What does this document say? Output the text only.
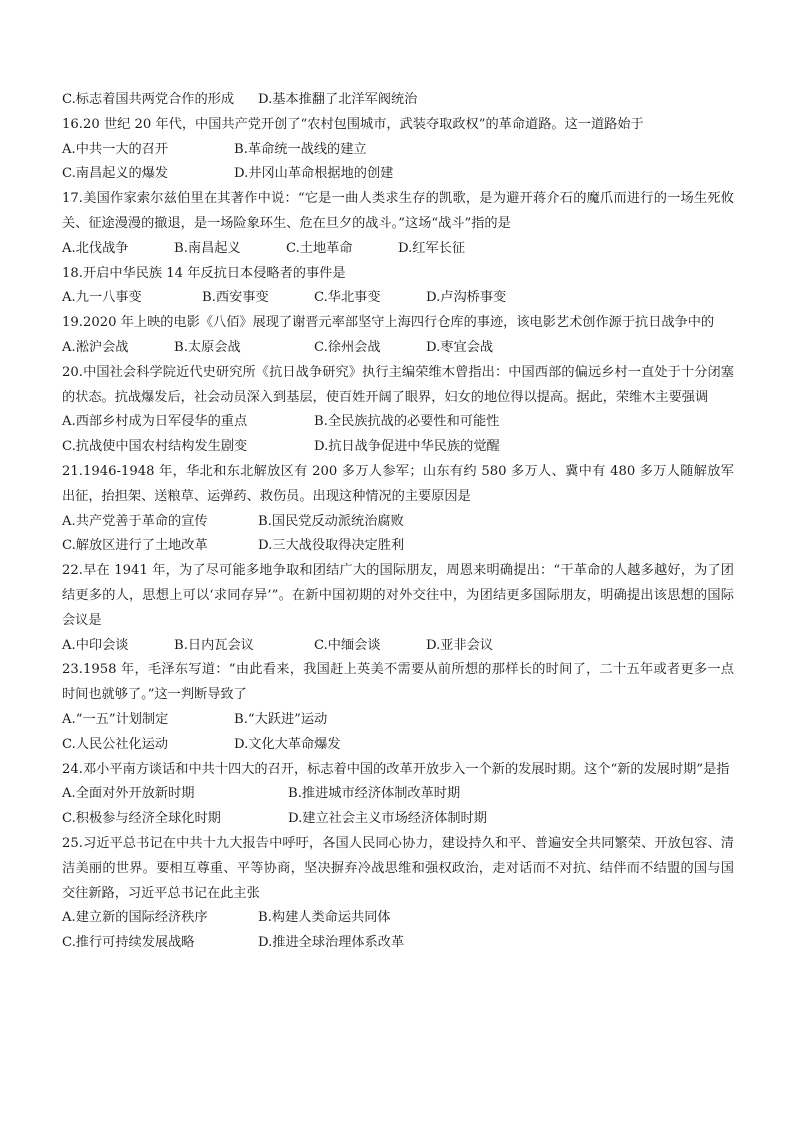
C.标志着国共两党合作的形成	D.基本推翻了北洋军阀统治
16.20 世纪 20 年代，中国共产党开创了“农村包围城市，武装夺取政权”的革命道路。这一道路始于
A.中共一大的召开	B.革命统一战线的建立
C.南昌起义的爆发	D.井冈山革命根据地的创建
17.美国作家索尔兹伯里在其著作中说：“它是一曲人类求生存的凯歌，是为避开蒋介石的魔爪而进行的一场生死攸关、征途漫漫的撤退，是一场险象环生、危在旦夕的战斗。”这场“战斗”指的是
A.北伐战争	B.南昌起义	C.土地革命	D.红军长征
18.开启中华民族 14 年反抗日本侵略者的事件是
A.九一八事变	B.西安事变	C.华北事变	D.卢沟桥事变
19.2020 年上映的电影《八佰》展现了谢晋元率部坚守上海四行仓库的事迹，该电影艺术创作源于抗日战争中的
A.淞沪会战	B.太原会战	C.徐州会战	D.枣宜会战
20.中国社会科学院近代史研究所《抗日战争研究》执行主编荣维木曾指出：中国西部的偏远乡村一直处于十分闭塞的状态。抗战爆发后，社会动员深入到基层，使百姓开阔了眼界，妇女的地位得以提高。据此，荣维木主要强调
A.西部乡村成为日军侵华的重点	B.全民族抗战的必要性和可能性
C.抗战使中国农村结构发生剧变	D.抗日战争促进中华民族的觉醒
21.1946-1948 年，华北和东北解放区有 200 多万人参军；山东有约 580 多万人、冀中有 480 多万人随解放军出征，抬担架、送粮草、运弹药、救伤员。出现这种情况的主要原因是
A.共产党善于革命的宣传	B.国民党反动派统治腐败
C.解放区进行了土地改革	D.三大战役取得决定胜利
22.早在 1941 年，为了尽可能多地争取和团结广大的国际朋友，周恩来明确提出：“干革命的人越多越好，为了团结更多的人，思想上可以‘求同存异’”。在新中国初期的对外交往中，为团结更多国际朋友，明确提出该思想的国际会议是
A.中印会谈	B.日内瓦会议	C.中缅会谈	D.亚非会议
23.1958 年，毛泽东写道：“由此看来，我国赶上英美不需要从前所想的那样长的时间了，二十五年或者更多一点时间也就够了。”这一判断导致了
A.“一五”计划制定	B.“大跃进”运动
C.人民公社化运动	D.文化大革命爆发
24.邓小平南方谈话和中共十四大的召开，标志着中国的改革开放步入一个新的发展时期。这个“新的发展时期”是指
A.全面对外开放新时期	B.推进城市经济体制改革时期
C.积极参与经济全球化时期	D.建立社会主义市场经济体制时期
25.习近平总书记在中共十九大报告中呼吁，各国人民同心协力，建设持久和平、普遍安全共同繁荣、开放包容、清洁美丽的世界。要相互尊重、平等协商，坚决摒弃冷战思维和强权政治，走对话而不对抗、结伴而不结盟的国与国交往新路，习近平总书记在此主张
A.建立新的国际经济秩序	B.构建人类命运共同体
C.推行可持续发展战略	D.推进全球治理体系改革
